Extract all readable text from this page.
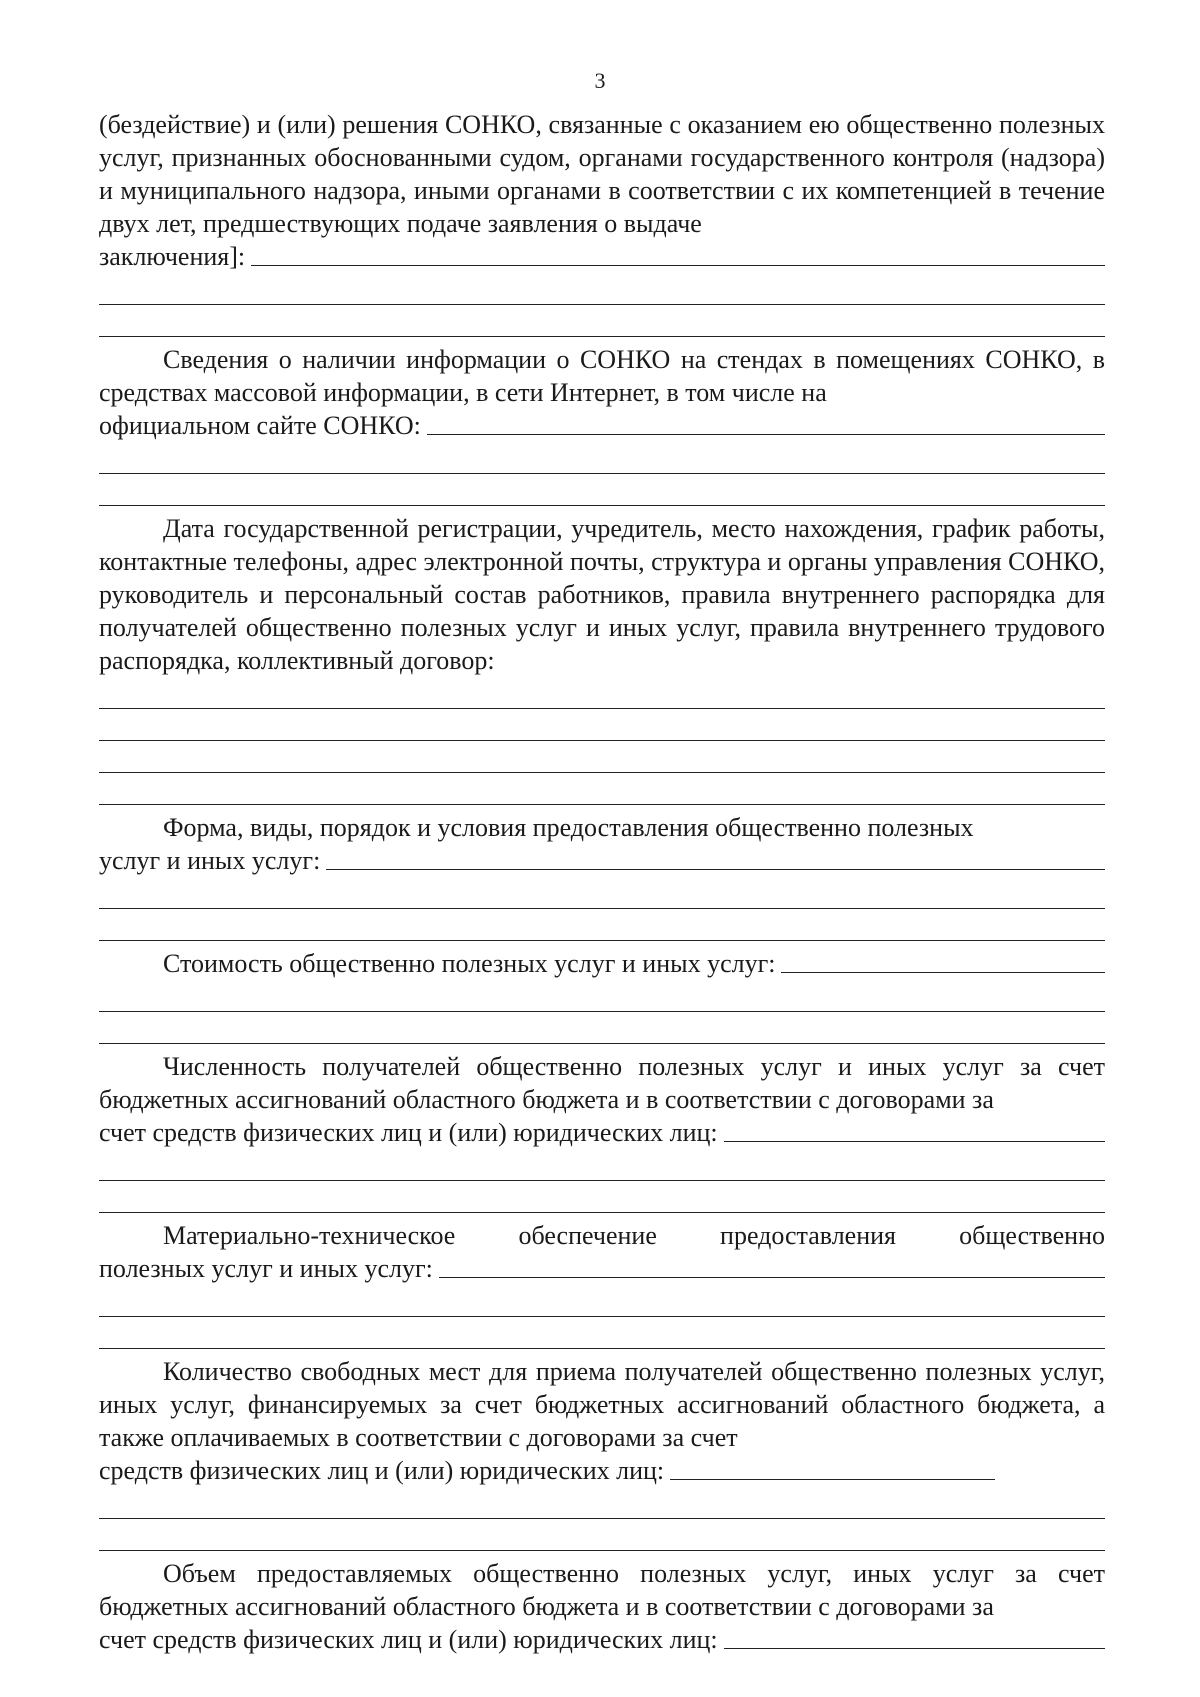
3

(бездействие) и (или) решения СОНКО, связанные с оказанием ею общественно полезных услуг, признанных обоснованными судом, органами государственного контроля (надзора) и муниципального надзора, иными органами в соответствии с их компетенцией в течение двух лет, предшествующих подаче заявления о выдаче

заключения]:

Сведения о наличии информации о СОНКО на стендах в помещениях СОНКО, в средствах массовой информации, в сети Интернет, в том числе на

официальном сайте СОНКО:

Дата государственной регистрации, учредитель, место нахождения, график работы, контактные телефоны, адрес электронной почты, структура и органы управления СОНКО, руководитель и персональный состав работников, правила внутреннего распорядка для получателей общественно полезных услуг и иных услуг, правила внутреннего трудового распорядка, коллективный договор:

Форма, виды, порядок и условия предоставления общественно полезных

услуг и иных услуг:
Стоимость общественно полезных услуг и иных услуг:

Численность получателей общественно полезных услуг и иных услуг за счет бюджетных ассигнований областного бюджета и в соответствии с договорами за

счет средств физических лиц и (или) юридических лиц:

Материально-техническое обеспечение предоставления общественно

полезных услуг и иных услуг:

Количество свободных мест для приема получателей общественно полезных услуг, иных услуг, финансируемых за счет бюджетных ассигнований областного бюджета, а также оплачиваемых в соответствии с договорами за счет

средств физических лиц и (или) юридических лиц:

Объем предоставляемых общественно полезных услуг, иных услуг за счет бюджетных ассигнований областного бюджета и в соответствии с договорами за

счет средств физических лиц и (или) юридических лиц:
